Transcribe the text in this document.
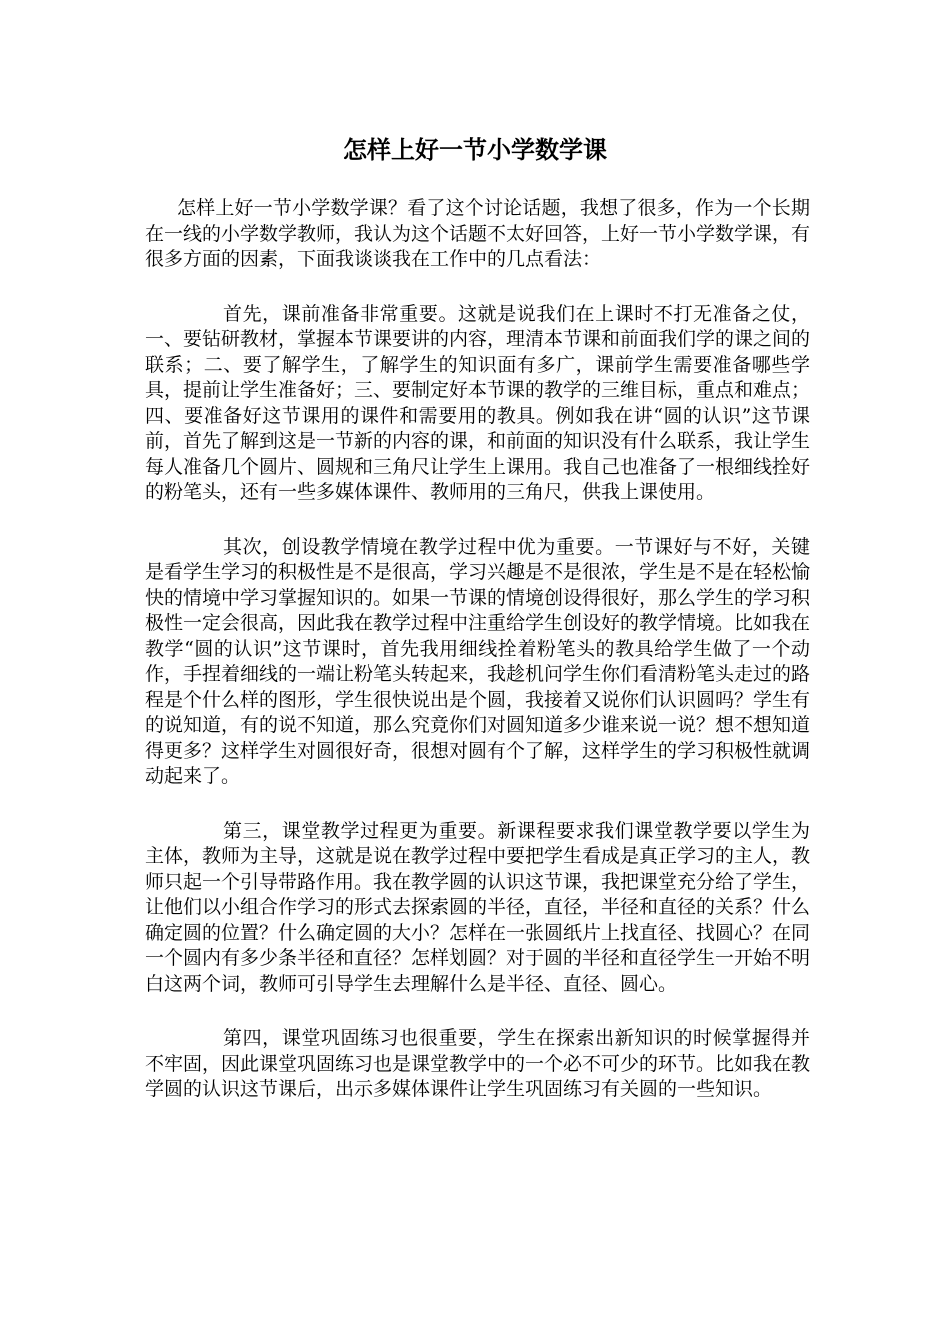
怎样上好一节小学数学课

怎样上好一节小学数学课？看了这个讨论话题，我想了很多，作为一个长期在一线的小学数学教师，我认为这个话题不太好回答，上好一节小学数学课，有很多方面的因素，下面我谈谈我在工作中的几点看法：

首先，课前准备非常重要。这就是说我们在上课时不打无准备之仗，一、要钻研教材，掌握本节课要讲的内容，理清本节课和前面我们学的课之间的联系；二、要了解学生，了解学生的知识面有多广，课前学生需要准备哪些学具，提前让学生准备好；三、要制定好本节课的教学的三维目标，重点和难点；四、要准备好这节课用的课件和需要用的教具。例如我在讲“圆的认识”这节课前，首先了解到这是一节新的内容的课，和前面的知识没有什么联系，我让学生每人准备几个圆片、圆规和三角尺让学生上课用。我自己也准备了一根细线拴好的粉笔头，还有一些多媒体课件、教师用的三角尺，供我上课使用。

其次，创设教学情境在教学过程中优为重要。一节课好与不好，关键是看学生学习的积极性是不是很高，学习兴趣是不是很浓，学生是不是在轻松愉快的情境中学习掌握知识的。如果一节课的情境创设得很好，那么学生的学习积极性一定会很高，因此我在教学过程中注重给学生创设好的教学情境。比如我在教学“圆的认识”这节课时，首先我用细线拴着粉笔头的教具给学生做了一个动作，手捏着细线的一端让粉笔头转起来，我趁机问学生你们看清粉笔头走过的路程是个什么样的图形，学生很快说出是个圆，我接着又说你们认识圆吗？学生有的说知道，有的说不知道，那么究竟你们对圆知道多少谁来说一说？想不想知道得更多？这样学生对圆很好奇，很想对圆有个了解，这样学生的学习积极性就调动起来了。

第三，课堂教学过程更为重要。新课程要求我们课堂教学要以学生为主体，教师为主导，这就是说在教学过程中要把学生看成是真正学习的主人，教师只起一个引导带路作用。我在教学圆的认识这节课，我把课堂充分给了学生，让他们以小组合作学习的形式去探索圆的半径，直径，半径和直径的关系？什么确定圆的位置？什么确定圆的大小？怎样在一张圆纸片上找直径、找圆心？在同一个圆内有多少条半径和直径？怎样划圆？对于圆的半径和直径学生一开始不明白这两个词，教师可引导学生去理解什么是半径、直径、圆心。

第四，课堂巩固练习也很重要，学生在探索出新知识的时候掌握得并不牢固，因此课堂巩固练习也是课堂教学中的一个必不可少的环节。比如我在教学圆的认识这节课后，出示多媒体课件让学生巩固练习有关圆的一些知识。
